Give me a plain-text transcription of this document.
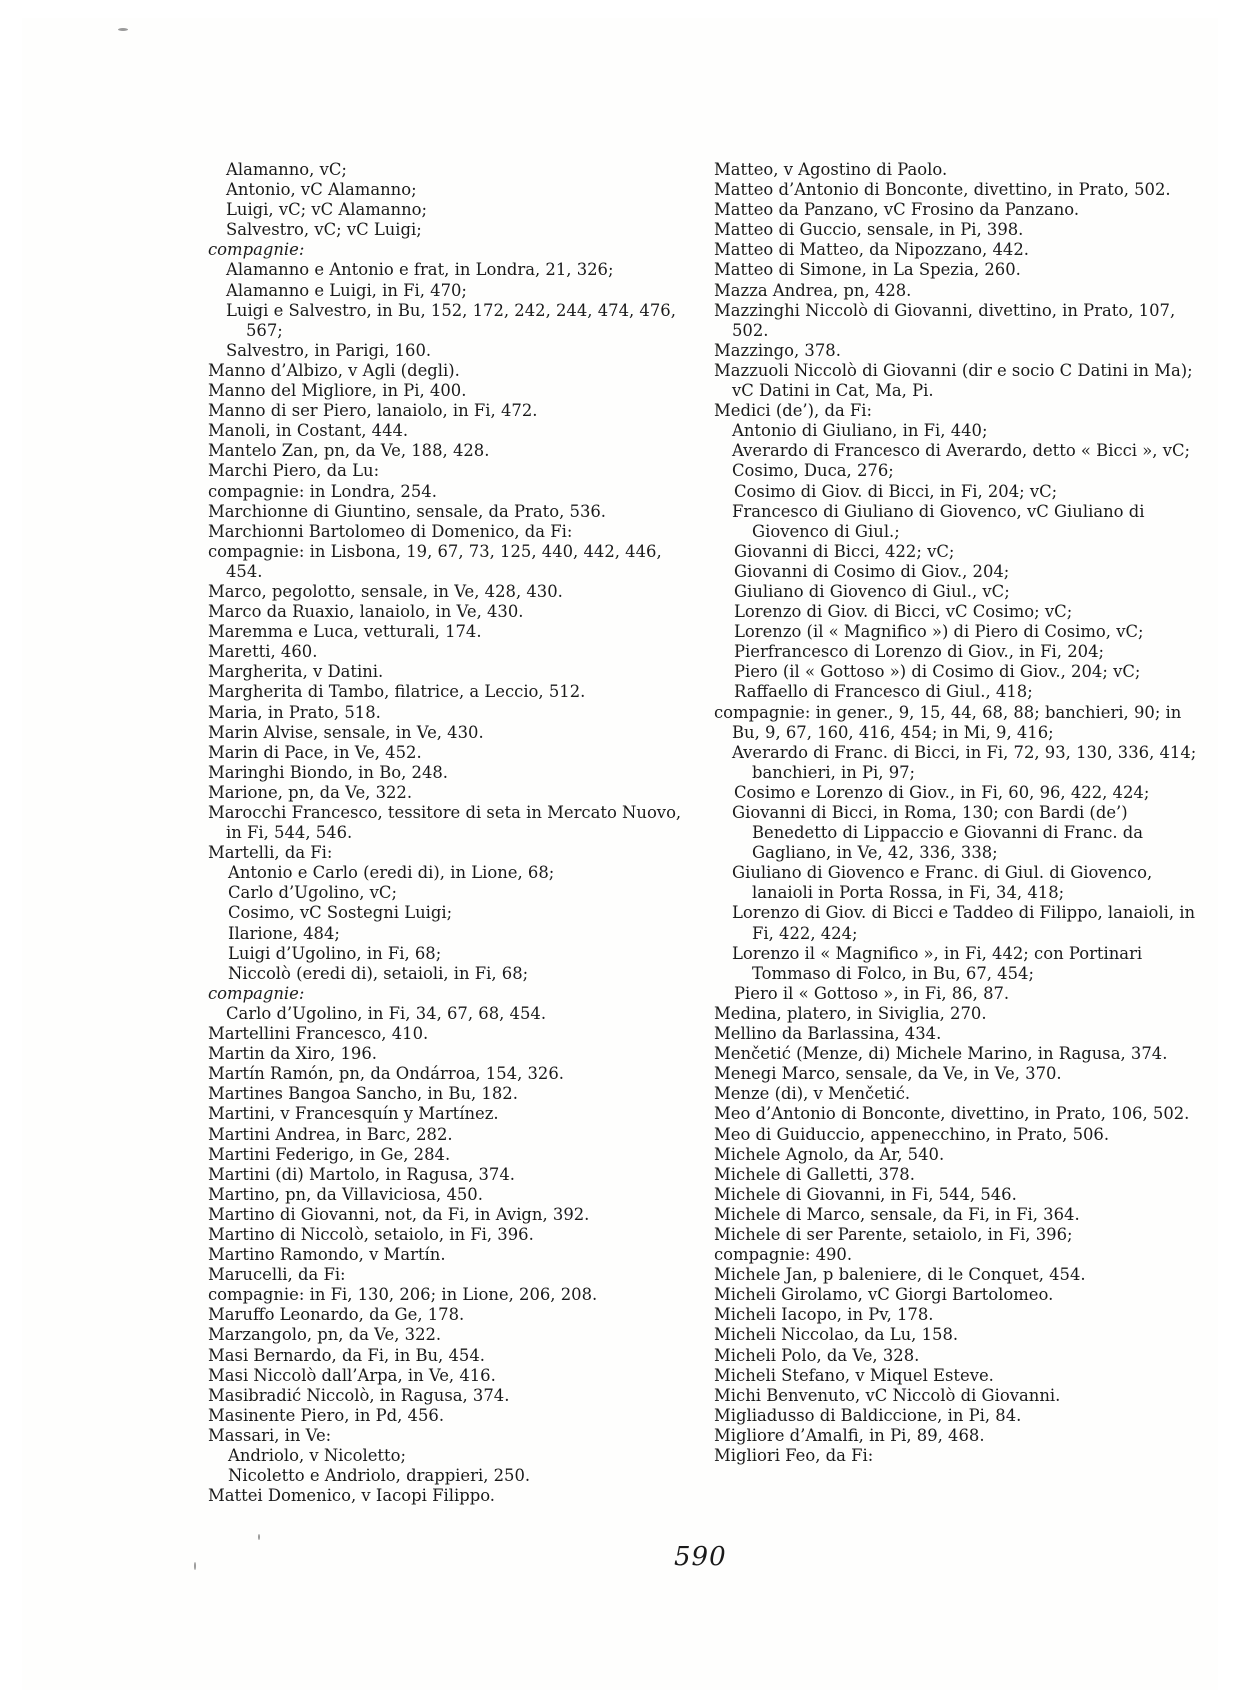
Alamanno, vC;
Antonio, vC Alamanno;
Luigi, vC; vC Alamanno;
Salvestro, vC; vC Luigi;
compagnie:
Alamanno e Antonio e frat, in Londra, 21, 326;
Alamanno e Luigi, in Fi, 470;
Luigi e Salvestro, in Bu, 152, 172, 242, 244, 474, 476, 567;
Salvestro, in Parigi, 160.
Manno d’Albizo, v Agli (degli).
Manno del Migliore, in Pi, 400.
Manno di ser Piero, lanaiolo, in Fi, 472.
Manoli, in Costant, 444.
Mantelo Zan, pn, da Ve, 188, 428.
Marchi Piero, da Lu:
compagnie: in Londra, 254.
Marchionne di Giuntino, sensale, da Prato, 536.
Marchionni Bartolomeo di Domenico, da Fi:
compagnie: in Lisbona, 19, 67, 73, 125, 440, 442, 446, 454.
Marco, pegolotto, sensale, in Ve, 428, 430.
Marco da Ruaxio, lanaiolo, in Ve, 430.
Maremma e Luca, vetturali, 174.
Maretti, 460.
Margherita, v Datini.
Margherita di Tambo, filatrice, a Leccio, 512.
Maria, in Prato, 518.
Marin Alvise, sensale, in Ve, 430.
Marin di Pace, in Ve, 452.
Maringhi Biondo, in Bo, 248.
Marione, pn, da Ve, 322.
Marocchi Francesco, tessitore di seta in Mercato Nuovo, in Fi, 544, 546.
Martelli, da Fi:
Antonio e Carlo (eredi di), in Lione, 68;
Carlo d’Ugolino, vC;
Cosimo, vC Sostegni Luigi;
Ilarione, 484;
Luigi d’Ugolino, in Fi, 68;
Niccolò (eredi di), setaioli, in Fi, 68;
compagnie:
Carlo d’Ugolino, in Fi, 34, 67, 68, 454.
Martellini Francesco, 410.
Martin da Xiro, 196.
Martín Ramón, pn, da Ondárroa, 154, 326.
Martines Bangoa Sancho, in Bu, 182.
Martini, v Francesquín y Martínez.
Martini Andrea, in Barc, 282.
Martini Federigo, in Ge, 284.
Martini (di) Martolo, in Ragusa, 374.
Martino, pn, da Villaviciosa, 450.
Martino di Giovanni, not, da Fi, in Avign, 392.
Martino di Niccolò, setaiolo, in Fi, 396.
Martino Ramondo, v Martín.
Marucelli, da Fi:
compagnie: in Fi, 130, 206; in Lione, 206, 208.
Maruffo Leonardo, da Ge, 178.
Marzangolo, pn, da Ve, 322.
Masi Bernardo, da Fi, in Bu, 454.
Masi Niccolò dall’Arpa, in Ve, 416.
Masibradić Niccolò, in Ragusa, 374.
Masinente Piero, in Pd, 456.
Massari, in Ve:
Andriolo, v Nicoletto;
Nicoletto e Andriolo, drappieri, 250.
Mattei Domenico, v Iacopi Filippo.
Matteo, v Agostino di Paolo.
Matteo d’Antonio di Bonconte, divettino, in Prato, 502.
Matteo da Panzano, vC Frosino da Panzano.
Matteo di Guccio, sensale, in Pi, 398.
Matteo di Matteo, da Nipozzano, 442.
Matteo di Simone, in La Spezia, 260.
Mazza Andrea, pn, 428.
Mazzinghi Niccolò di Giovanni, divettino, in Prato, 107, 502.
Mazzingo, 378.
Mazzuoli Niccolò di Giovanni (dir e socio C Datini in Ma); vC Datini in Cat, Ma, Pi.
Medici (de’), da Fi:
Antonio di Giuliano, in Fi, 440;
Averardo di Francesco di Averardo, detto « Bicci », vC;
Cosimo, Duca, 276;
Cosimo di Giov. di Bicci, in Fi, 204; vC;
Francesco di Giuliano di Giovenco, vC Giuliano di Giovenco di Giul.;
Giovanni di Bicci, 422; vC;
Giovanni di Cosimo di Giov., 204;
Giuliano di Giovenco di Giul., vC;
Lorenzo di Giov. di Bicci, vC Cosimo; vC;
Lorenzo (il « Magnifico ») di Piero di Cosimo, vC;
Pierfrancesco di Lorenzo di Giov., in Fi, 204;
Piero (il « Gottoso ») di Cosimo di Giov., 204; vC;
Raffaello di Francesco di Giul., 418;
compagnie: in gener., 9, 15, 44, 68, 88; banchieri, 90; in Bu, 9, 67, 160, 416, 454; in Mi, 9, 416;
Averardo di Franc. di Bicci, in Fi, 72, 93, 130, 336, 414; banchieri, in Pi, 97;
Cosimo e Lorenzo di Giov., in Fi, 60, 96, 422, 424;
Giovanni di Bicci, in Roma, 130; con Bardi (de’) Benedetto di Lippaccio e Giovanni di Franc. da Gagliano, in Ve, 42, 336, 338;
Giuliano di Giovenco e Franc. di Giul. di Giovenco, lanaioli in Porta Rossa, in Fi, 34, 418;
Lorenzo di Giov. di Bicci e Taddeo di Filippo, lanaioli, in Fi, 422, 424;
Lorenzo il « Magnifico », in Fi, 442; con Portinari Tommaso di Folco, in Bu, 67, 454;
Piero il « Gottoso », in Fi, 86, 87.
Medina, platero, in Siviglia, 270.
Mellino da Barlassina, 434.
Menčetić (Menze, di) Michele Marino, in Ragusa, 374.
Menegi Marco, sensale, da Ve, in Ve, 370.
Menze (di), v Menčetić.
Meo d’Antonio di Bonconte, divettino, in Prato, 106, 502.
Meo di Guiduccio, appenecchino, in Prato, 506.
Michele Agnolo, da Ar, 540.
Michele di Galletti, 378.
Michele di Giovanni, in Fi, 544, 546.
Michele di Marco, sensale, da Fi, in Fi, 364.
Michele di ser Parente, setaiolo, in Fi, 396;
compagnie: 490.
Michele Jan, p baleniere, di le Conquet, 454.
Micheli Girolamo, vC Giorgi Bartolomeo.
Micheli Iacopo, in Pv, 178.
Micheli Niccolao, da Lu, 158.
Micheli Polo, da Ve, 328.
Micheli Stefano, v Miquel Esteve.
Michi Benvenuto, vC Niccolò di Giovanni.
Migliadusso di Baldiccione, in Pi, 84.
Migliore d’Amalfi, in Pi, 89, 468.
Migliori Feo, da Fi:
590
